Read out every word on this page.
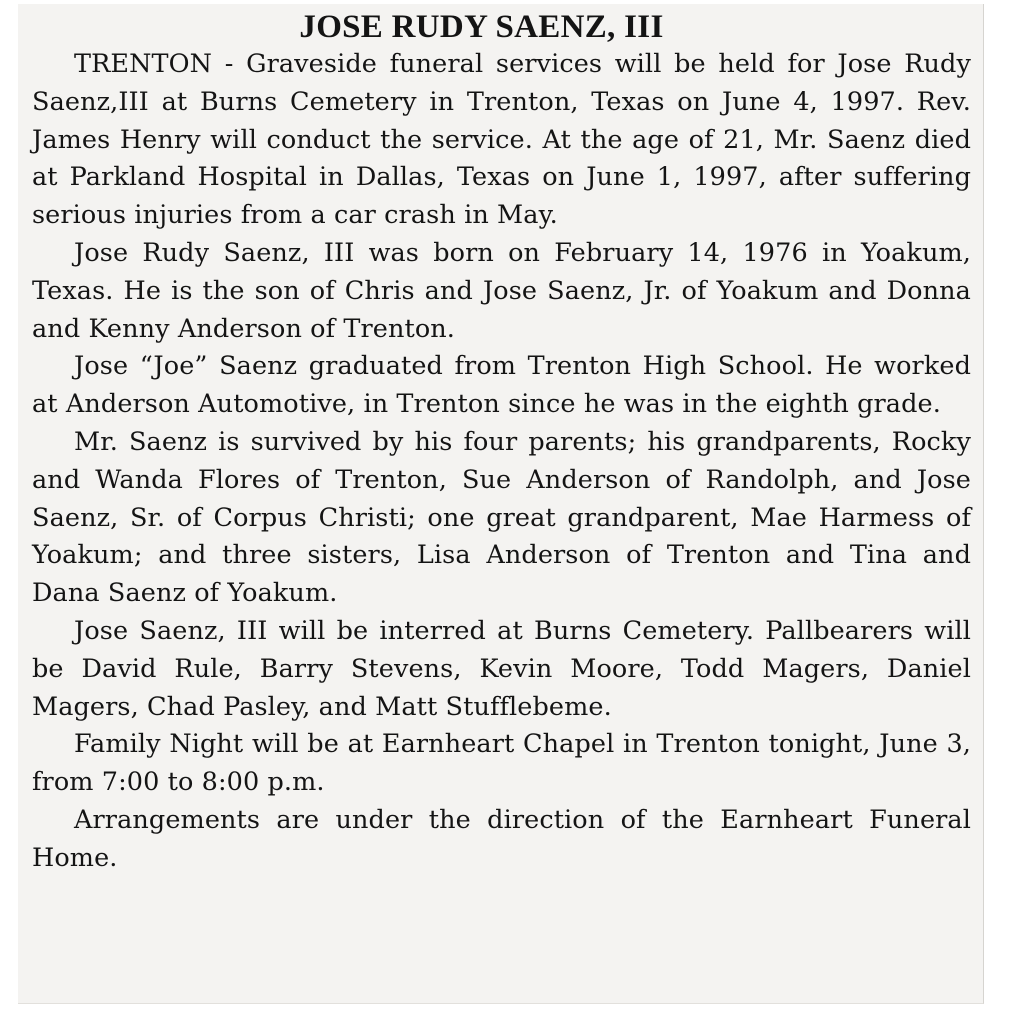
JOSE RUDY SAENZ, III

TRENTON - Graveside funeral services will be held for Jose Rudy Saenz,III at Burns Cemetery in Trenton, Texas on June 4, 1997. Rev. James Henry will conduct the service. At the age of 21, Mr. Saenz died at Parkland Hospital in Dallas, Texas on June 1, 1997, after suffering serious injuries from a car crash in May.

Jose Rudy Saenz, III was born on February 14, 1976 in Yoakum, Texas. He is the son of Chris and Jose Saenz, Jr. of Yoakum and Donna and Kenny Anderson of Trenton.

Jose “Joe” Saenz graduated from Trenton High School. He worked at Anderson Automotive, in Trenton since he was in the eighth grade.

Mr. Saenz is survived by his four parents; his grandparents, Rocky and Wanda Flores of Trenton, Sue Anderson of Randolph, and Jose Saenz, Sr. of Corpus Christi; one great grandparent, Mae Harmess of Yoakum; and three sisters, Lisa Anderson of Trenton and Tina and Dana Saenz of Yoakum.

Jose Saenz, III will be interred at Burns Cemetery. Pallbearers will be David Rule, Barry Stevens, Kevin Moore, Todd Magers, Daniel Magers, Chad Pasley, and Matt Stufflebeme.

Family Night will be at Earnheart Chapel in Trenton tonight, June 3, from 7:00 to 8:00 p.m.

Arrangements are under the direction of the Earnheart Funeral Home.
